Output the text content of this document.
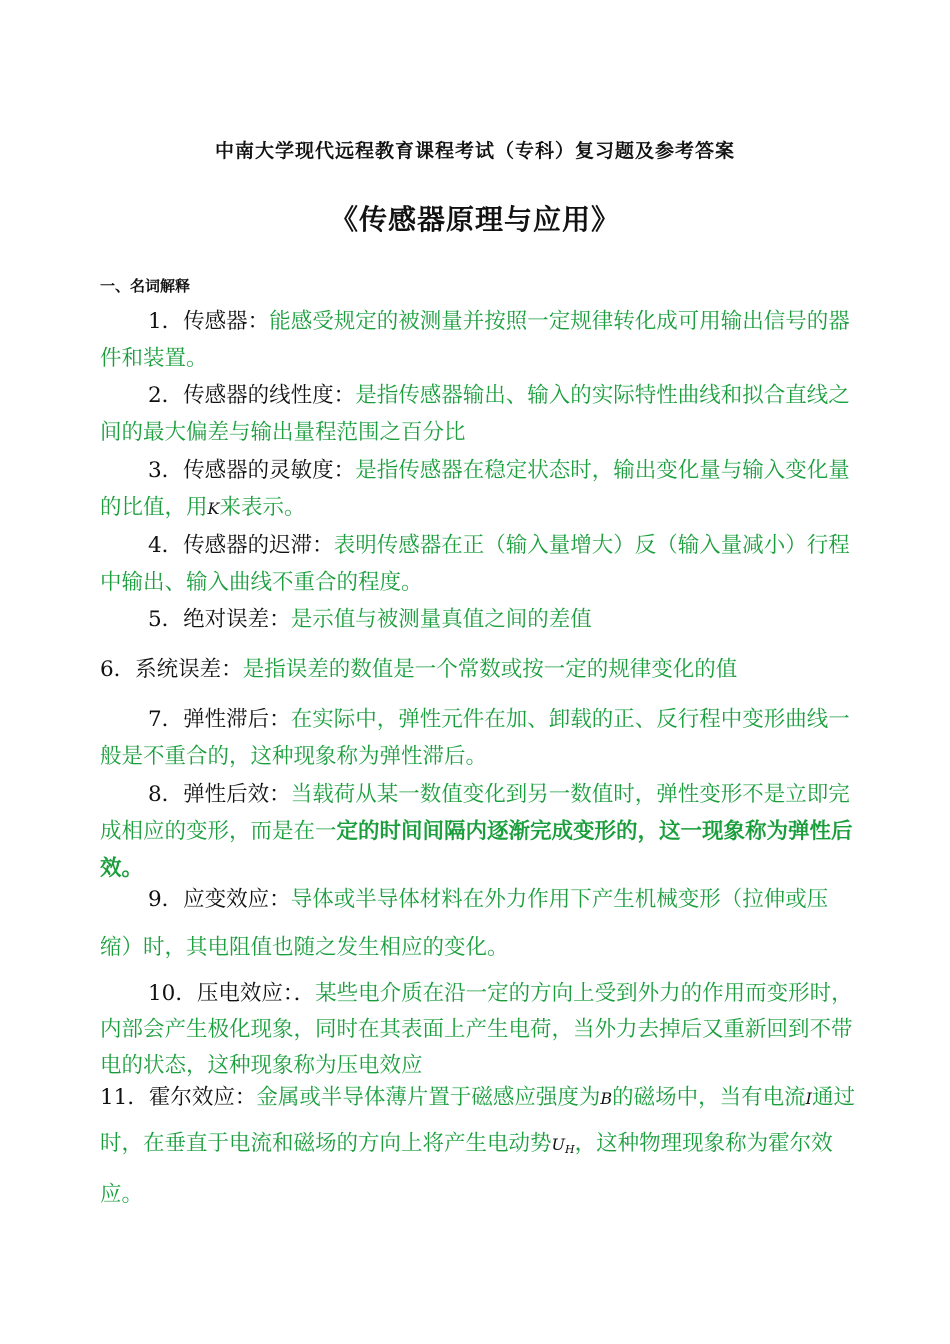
中南大学现代远程教育课程考试（专科）复习题及参考答案
《传感器原理与应用》
一、名词解释
1．传感器：能感受规定的被测量并按照一定规律转化成可用输出信号的器件和装置。
2．传感器的线性度：是指传感器输出、输入的实际特性曲线和拟合直线之间的最大偏差与输出量程范围之百分比
3．传感器的灵敏度：是指传感器在稳定状态时，输出变化量与输入变化量的比值，用K来表示。
4．传感器的迟滞：表明传感器在正（输入量增大）反（输入量减小）行程中输出、输入曲线不重合的程度。
5．绝对误差：是示值与被测量真值之间的差值
6．系统误差：是指误差的数值是一个常数或按一定的规律变化的值
7．弹性滞后：在实际中，弹性元件在加、卸载的正、反行程中变形曲线一般是不重合的，这种现象称为弹性滞后。
8．弹性后效：当载荷从某一数值变化到另一数值时，弹性变形不是立即完成相应的变形，而是在一定的时间间隔内逐渐完成变形的，这一现象称为弹性后效。
9．应变效应：导体或半导体材料在外力作用下产生机械变形（拉伸或压缩）时，其电阻值也随之发生相应的变化。
10．压电效应：．某些电介质在沿一定的方向上受到外力的作用而变形时，内部会产生极化现象，同时在其表面上产生电荷，当外力去掉后又重新回到不带电的状态，这种现象称为压电效应
11．霍尔效应：金属或半导体薄片置于磁感应强度为B的磁场中，当有电流I通过时，在垂直于电流和磁场的方向上将产生电动势$U_H$，这种物理现象称为霍尔效应。
